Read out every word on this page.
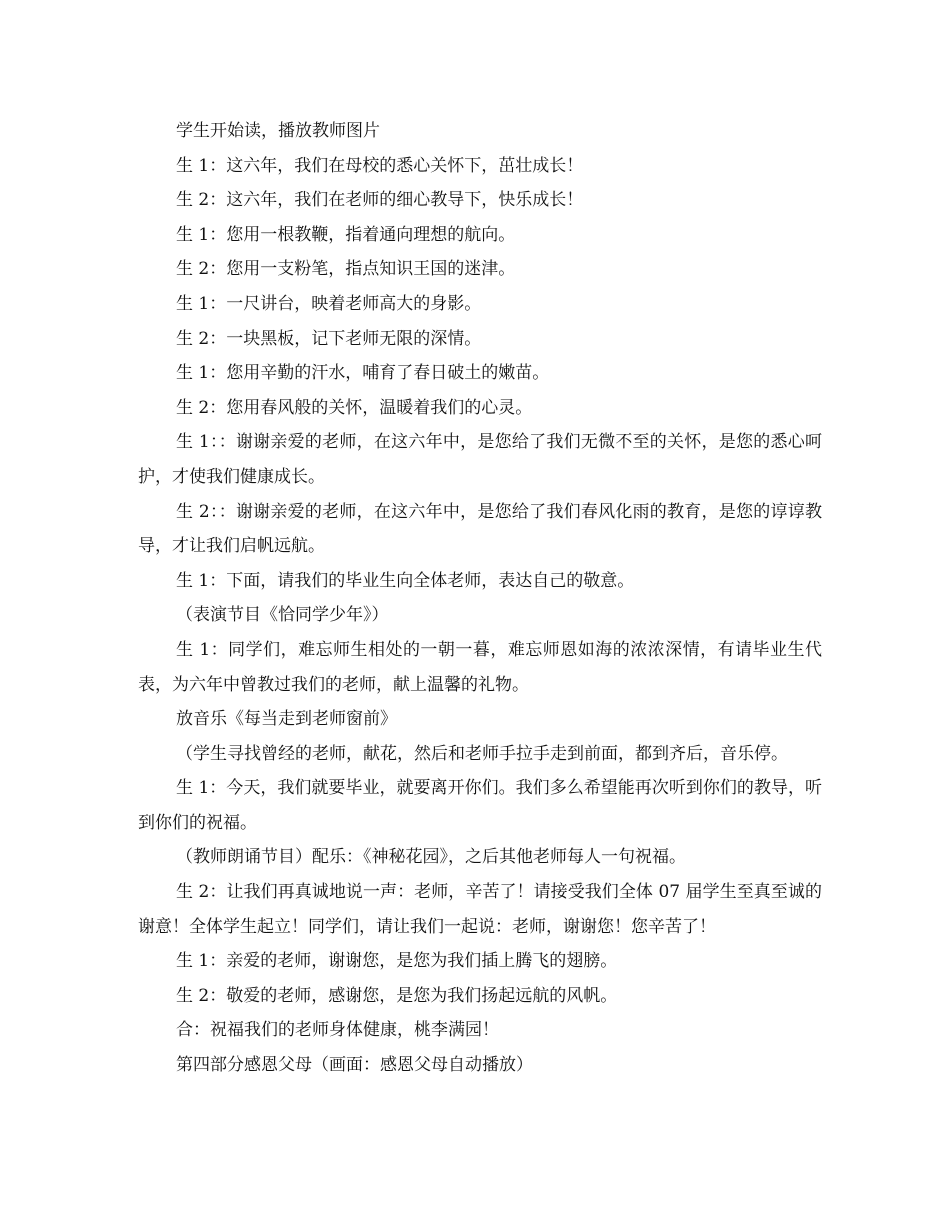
学生开始读，播放教师图片

生 1：这六年，我们在母校的悉心关怀下，茁壮成长！

生 2：这六年，我们在老师的细心教导下，快乐成长！

生 1：您用一根教鞭，指着通向理想的航向。

生 2：您用一支粉笔，指点知识王国的迷津。

生 1：一尺讲台，映着老师高大的身影。

生 2：一块黑板，记下老师无限的深情。

生 1：您用辛勤的汗水，哺育了春日破土的嫩苗。

生 2：您用春风般的关怀，温暖着我们的心灵。

生 1：：谢谢亲爱的老师，在这六年中，是您给了我们无微不至的关怀，是您的悉心呵护，才使我们健康成长。

生 2：：谢谢亲爱的老师，在这六年中，是您给了我们春风化雨的教育，是您的谆谆教导，才让我们启帆远航。

生 1：下面，请我们的毕业生向全体老师，表达自己的敬意。

（表演节目《恰同学少年》）

生 1：同学们，难忘师生相处的一朝一暮，难忘师恩如海的浓浓深情，有请毕业生代表，为六年中曾教过我们的老师，献上温馨的礼物。

放音乐《每当走到老师窗前》

（学生寻找曾经的老师，献花，然后和老师手拉手走到前面，都到齐后，音乐停。

生 1：今天，我们就要毕业，就要离开你们。我们多么希望能再次听到你们的教导，听到你们的祝福。

（教师朗诵节目）配乐：《神秘花园》，之后其他老师每人一句祝福。

生 2：让我们再真诚地说一声：老师，辛苦了！请接受我们全体 07 届学生至真至诚的谢意！全体学生起立！同学们，请让我们一起说：老师，谢谢您！您辛苦了！

生 1：亲爱的老师，谢谢您，是您为我们插上腾飞的翅膀。

生 2：敬爱的老师，感谢您，是您为我们扬起远航的风帆。

合：祝福我们的老师身体健康，桃李满园！

第四部分感恩父母（画面：感恩父母自动播放）
